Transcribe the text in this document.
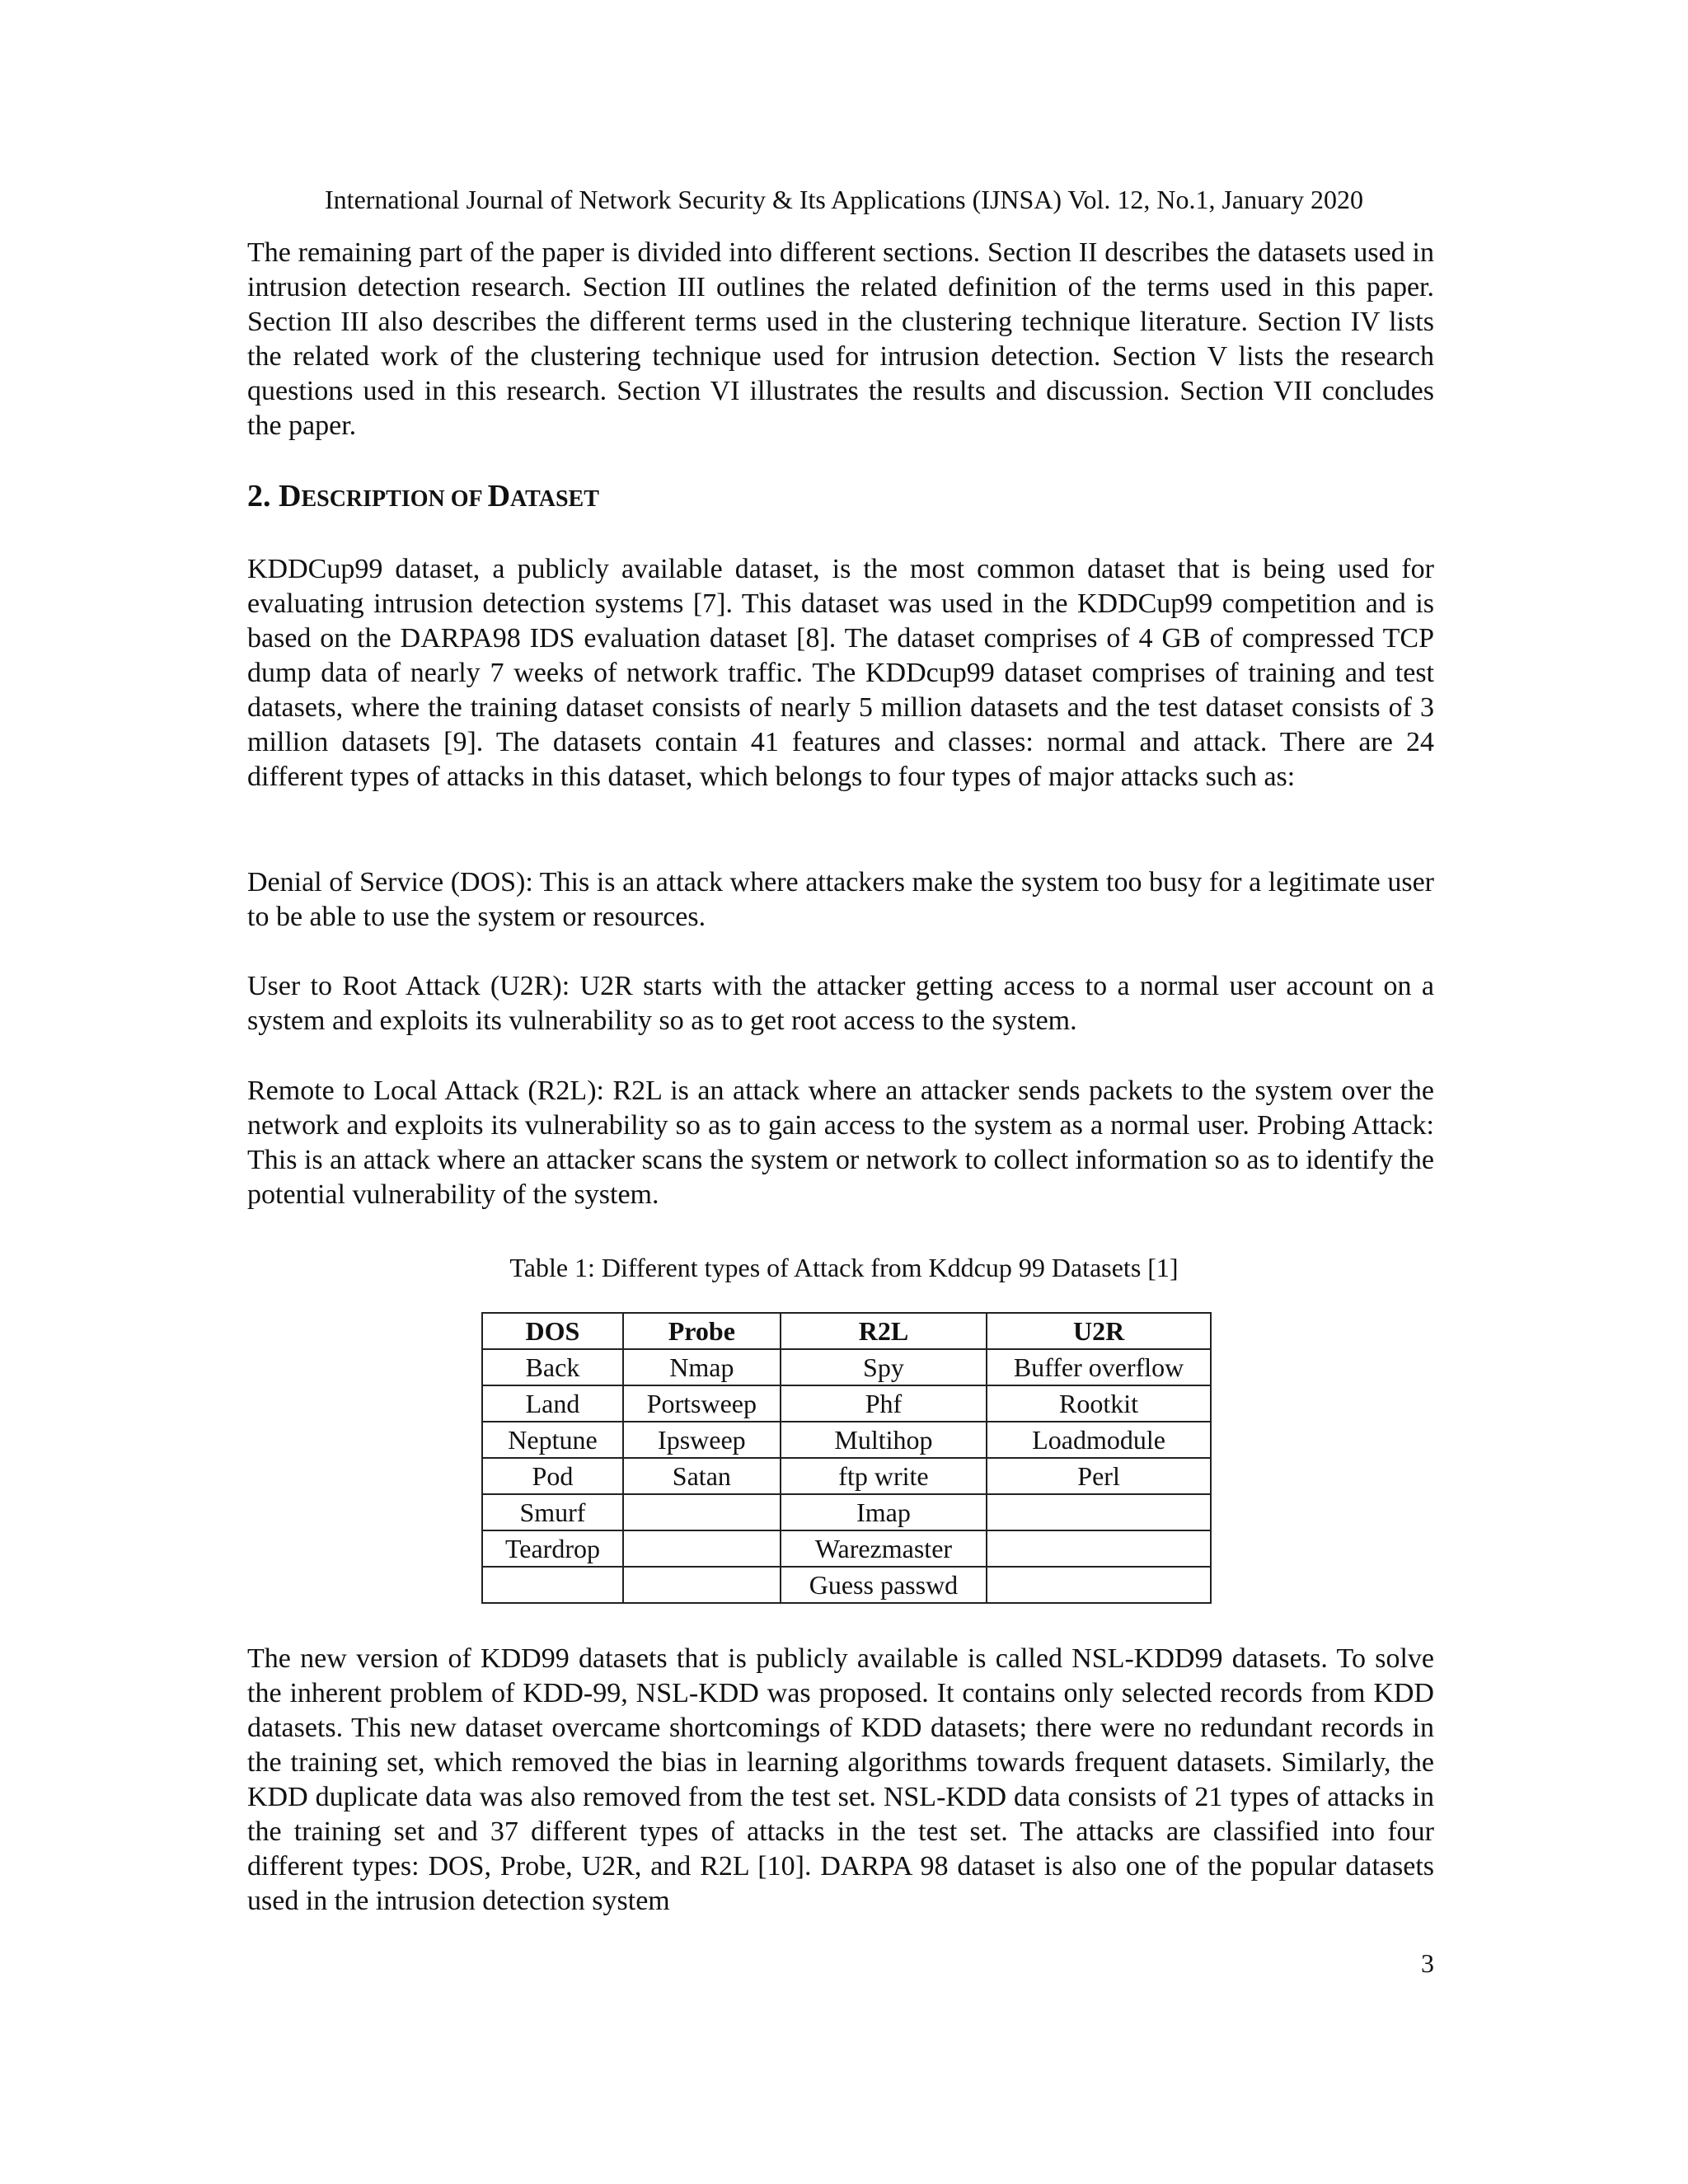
International Journal of Network Security & Its Applications (IJNSA) Vol. 12, No.1, January 2020

The remaining part of the paper is divided into different sections. Section II describes the datasets used in intrusion detection research. Section III outlines the related definition of the terms used in this paper. Section III also describes the different terms used in the clustering technique literature. Section IV lists the related work of the clustering technique used for intrusion detection. Section V lists the research questions used in this research. Section VI illustrates the results and discussion. Section VII concludes the paper.

2. DESCRIPTION OF DATASET

KDDCup99 dataset, a publicly available dataset, is the most common dataset that is being used for evaluating intrusion detection systems [7]. This dataset was used in the KDDCup99 competition and is based on the DARPA98 IDS evaluation dataset [8]. The dataset comprises of 4 GB of compressed TCP dump data of nearly 7 weeks of network traffic. The KDDcup99 dataset comprises of training and test datasets, where the training dataset consists of nearly 5 million datasets and the test dataset consists of 3 million datasets [9]. The datasets contain 41 features and classes: normal and attack. There are 24 different types of attacks in this dataset, which belongs to four types of major attacks such as:

Denial of Service (DOS): This is an attack where attackers make the system too busy for a legitimate user to be able to use the system or resources.

User to Root Attack (U2R): U2R starts with the attacker getting access to a normal user account on a system and exploits its vulnerability so as to get root access to the system.

Remote to Local Attack (R2L): R2L is an attack where an attacker sends packets to the system over the network and exploits its vulnerability so as to gain access to the system as a normal user. Probing Attack: This is an attack where an attacker scans the system or network to collect information so as to identify the potential vulnerability of the system.

Table 1: Different types of Attack from Kddcup 99 Datasets [1]
DOS	Probe	R2L	U2R
Back	Nmap	Spy	Buffer overflow
Land	Portsweep	Phf	Rootkit
Neptune	Ipsweep	Multihop	Loadmodule
Pod	Satan	ftp write	Perl
Smurf		Imap	
Teardrop		Warezmaster	
		Guess passwd	

The new version of KDD99 datasets that is publicly available is called NSL-KDD99 datasets. To solve the inherent problem of KDD-99, NSL-KDD was proposed. It contains only selected records from KDD datasets. This new dataset overcame shortcomings of KDD datasets; there were no redundant records in the training set, which removed the bias in learning algorithms towards frequent datasets. Similarly, the KDD duplicate data was also removed from the test set. NSL-KDD data consists of 21 types of attacks in the training set and 37 different types of attacks in the test set. The attacks are classified into four different types: DOS, Probe, U2R, and R2L [10]. DARPA 98 dataset is also one of the popular datasets used in the intrusion detection system

3
